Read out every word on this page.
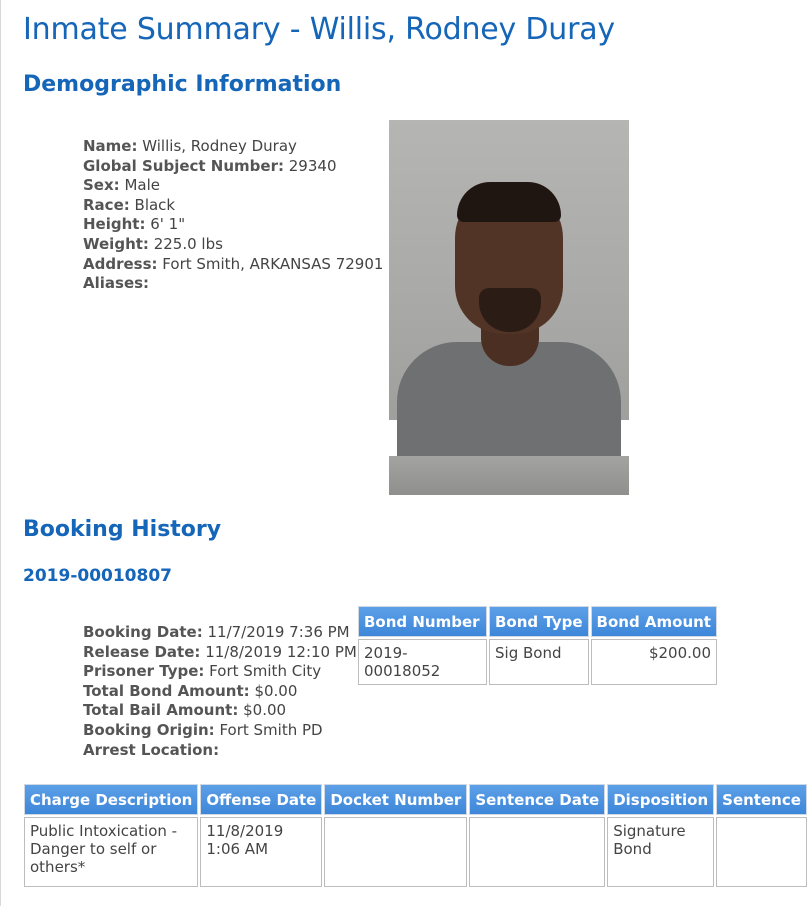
Inmate Summary - Willis, Rodney Duray
Demographic Information
Name: Willis, Rodney Duray
Global Subject Number: 29340
Sex: Male
Race: Black
Height: 6' 1"
Weight: 225.0 lbs
Address: Fort Smith, ARKANSAS 72901
Aliases:
Booking History
2019-00010807
Booking Date: 11/7/2019 7:36 PM
Release Date: 11/8/2019 12:10 PM
Prisoner Type: Fort Smith City
Total Bond Amount: $0.00
Total Bail Amount: $0.00
Booking Origin: Fort Smith PD
Arrest Location:
Bond Number	Bond Type	Bond Amount
2019-00018052	Sig Bond	$200.00
Charge Description	Offense Date	Docket Number	Sentence Date	Disposition	Sentence
Public Intoxication - Danger to self or others*	11/8/2019 1:06 AM			Signature Bond	
